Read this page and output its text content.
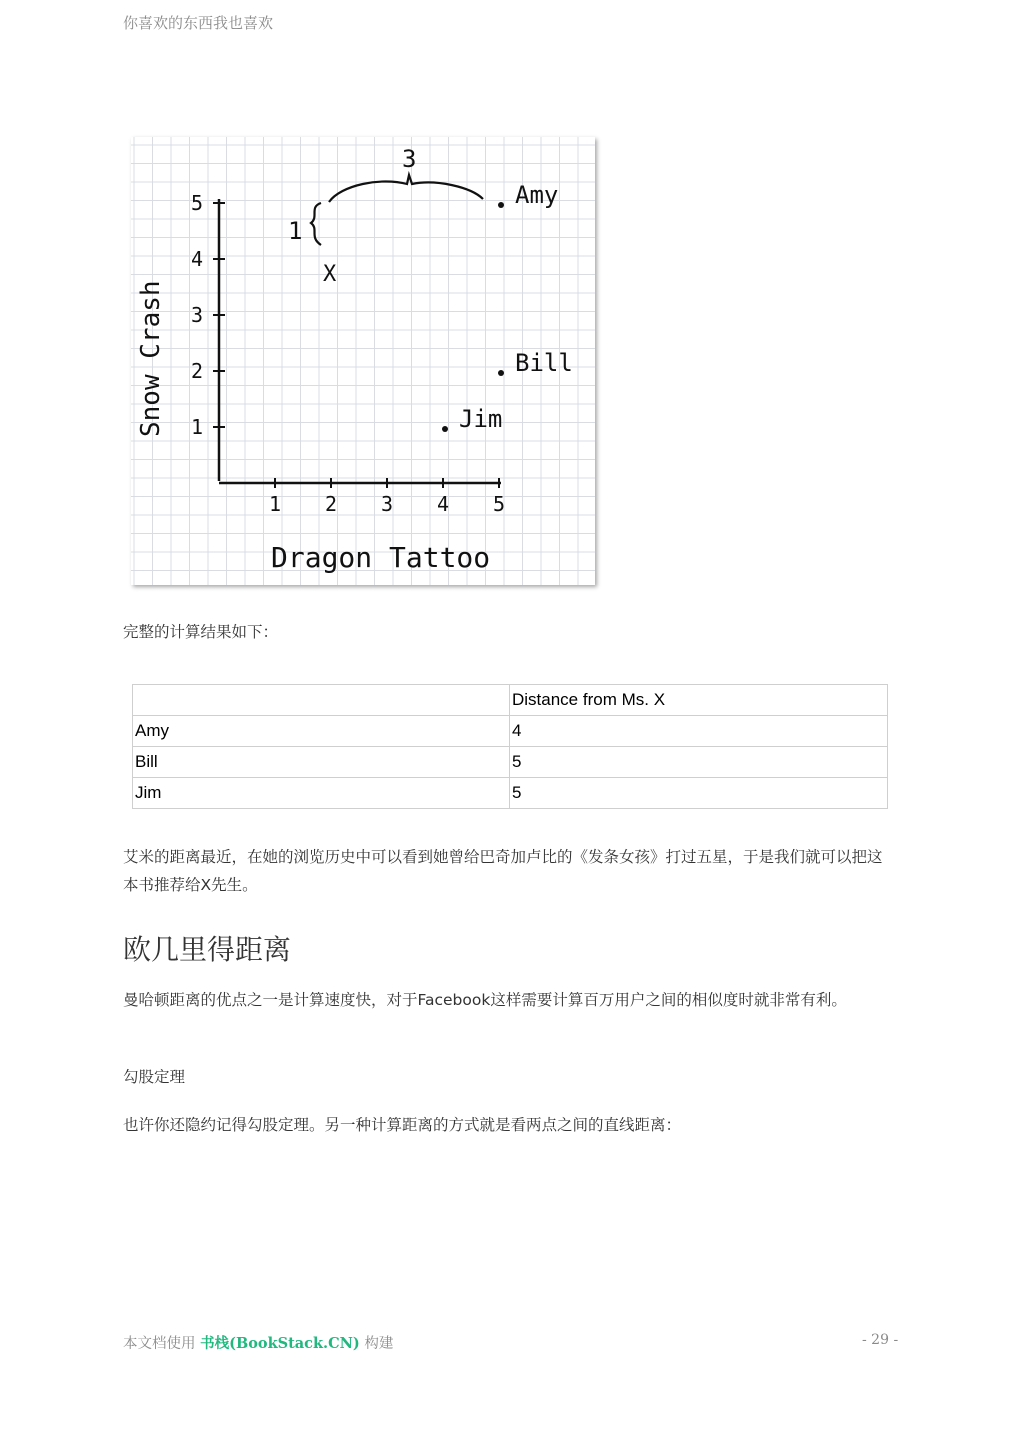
你喜欢的东西我也喜欢
1 2 3 4 5
1
2
3
4
5	Amy
Bill
Jim
X
3
1
Dragon Tattoo
Snow Crash
完整的计算结果如下：
	Distance from Ms. X
Amy	4
Bill	5
Jim	5
艾米的距离最近，在她的浏览历史中可以看到她曾给巴奇加卢比的《发条女孩》打过五星，于是我们就可以把这本书推荐给X先生。
欧几里得距离
曼哈顿距离的优点之一是计算速度快，对于Facebook这样需要计算百万用户之间的相似度时就非常有利。
勾股定理
也许你还隐约记得勾股定理。另一种计算距离的方式就是看两点之间的直线距离：
本文档使用 书栈(BookStack.CN) 构建	- 29 -
